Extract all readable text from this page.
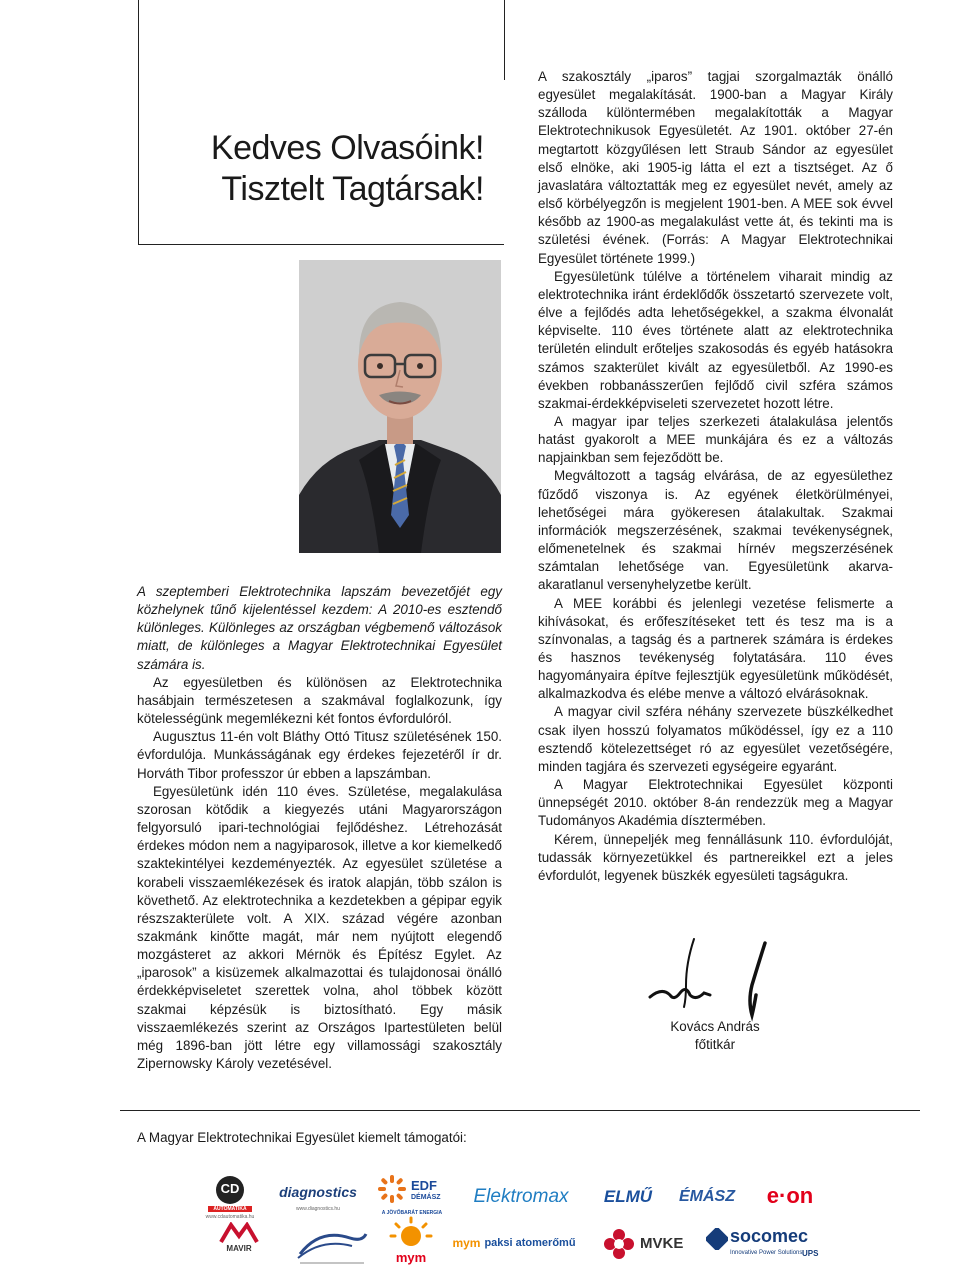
Kedves Olvasóink!
Tisztelt Tagtársak!

A szeptemberi Elektrotechnika lapszám bevezetőjét egy közhelynek tűnő kijelentéssel kezdem: A 2010-es esztendő különleges. Különleges az országban végbemenő változások miatt, de különleges a Magyar Elektrotechnikai Egyesület számára is.

Az egyesületben és különösen az Elektrotechnika hasábjain természetesen a szakmával foglalkozunk, így kötelességünk megemlékezni két fontos évfordulóról.

Augusztus 11-én volt Bláthy Ottó Titusz születésének 150. évfordulója. Munkásságának egy érdekes fejezetéről ír dr. Horváth Tibor professzor úr ebben a lapszámban.

Egyesületünk idén 110 éves. Születése, megalakulása szorosan kötődik a kiegyezés utáni Magyarországon felgyorsuló ipari-technológiai fejlődéshez. Létrehozását érdekes módon nem a nagyiparosok, illetve a kor kiemelkedő szaktekintélyei kezdeményezték. Az egyesület születése a korabeli visszaemlékezések és iratok alapján, több szálon is követhető. Az elektrotechnika a kezdetekben a gépipar egyik részszakterülete volt. A XIX. század végére azonban szakmánk kinőtte magát, már nem nyújtott elegendő mozgásteret az akkori Mérnök és Építész Egylet. Az „iparosok” a kisüzemek alkalmazottai és tulajdonosai önálló érdekképviseletet szerettek volna, ahol többek között szakmai képzésük is biztosítható. Egy másik visszaemlékezés szerint az Országos Ipartestületen belül még 1896-ban jött létre egy villamossági szakosztály Zipernowsky Károly vezetésével.

A szakosztály „iparos” tagjai szorgalmazták önálló egyesület megalakítását. 1900-ban a Magyar Király szálloda különtermében megalakították a Magyar Elektrotechnikusok Egyesületét. Az 1901. október 27-én megtartott közgyűlésen lett Straub Sándor az egyesület első elnöke, aki 1905-ig látta el ezt a tisztséget. Az ő javaslatára változtatták meg ez egyesület nevét, amely az első körbélyegzőn is megjelent 1901-ben. A MEE sok évvel később az 1900-as megalakulást vette át, és tekinti ma is születési évének. (Forrás: A Magyar Elektrotechnikai Egyesület története 1999.)

Egyesületünk túlélve a történelem viharait mindig az elektrotechnika iránt érdeklődők összetartó szervezete volt, élve a fejlődés adta lehetőségekkel, a szakma élvonalát képviselte. 110 éves története alatt az elektrotechnika területén elindult erőteljes szakosodás és egyéb hatásokra számos szakterület kivált az egyesületből. Az 1990-es években robbanásszerűen fejlődő civil szféra számos szakmai-érdekképviseleti szervezetet hozott létre.

A magyar ipar teljes szerkezeti átalakulása jelentős hatást gyakorolt a MEE munkájára és ez a változás napjainkban sem fejeződött be.

Megváltozott a tagság elvárása, de az egyesülethez fűződő viszonya is. Az egyének életkörülményei, lehetőségei mára gyökeresen átalakultak. Szakmai információk megszerzésének, szakmai tevékenységnek, előmenetelnek és szakmai hírnév megszerzésének számtalan lehetősége van. Egyesületünk akarva-akaratlanul versenyhelyzetbe került.

A MEE korábbi és jelenlegi vezetése felismerte a kihívásokat, és erőfeszítéseket tett és tesz ma is a színvonalas, a tagság és a partnerek számára is érdekes és hasznos tevékenység folytatására. 110 éves hagyományaira építve fejlesztjük egyesületünk működését, alkalmazkodva és elébe menve a változó elvárásoknak.

A magyar civil szféra néhány szervezete büszkélkedhet csak ilyen hosszú folyamatos működéssel, így ez a 110 esztendő kötelezettséget ró az egyesület vezetőségére, minden tagjára és szervezeti egységeire egyaránt.

A Magyar Elektrotechnikai Egyesület központi ünnepségét 2010. október 8-án rendezzük meg a Magyar Tudományos Akadémia dísztermében.

Kérem, ünnepeljék meg fennállásunk 110. évfordulóját, tudassák környezetükkel és partnereikkel ezt a jeles évfordulót, legyenek büszkék egyesületi tagságukra.

Kovács András
főtitkár
A Magyar Elektrotechnikai Egyesület kiemelt támogatói:
CD
AUTOMATIKA
www.cdautomatika.hu
diagnostics
www.diagnostics.hu
EDF
DÉMÁSZ
A JÖVŐBARÁT ENERGIA
Elektromax ELMŰ ÉMÁSZ e·on
MAVIR
mym
mym paksi atomerőmű	MVKE	socomec
Innovative Power Solutions UPS
